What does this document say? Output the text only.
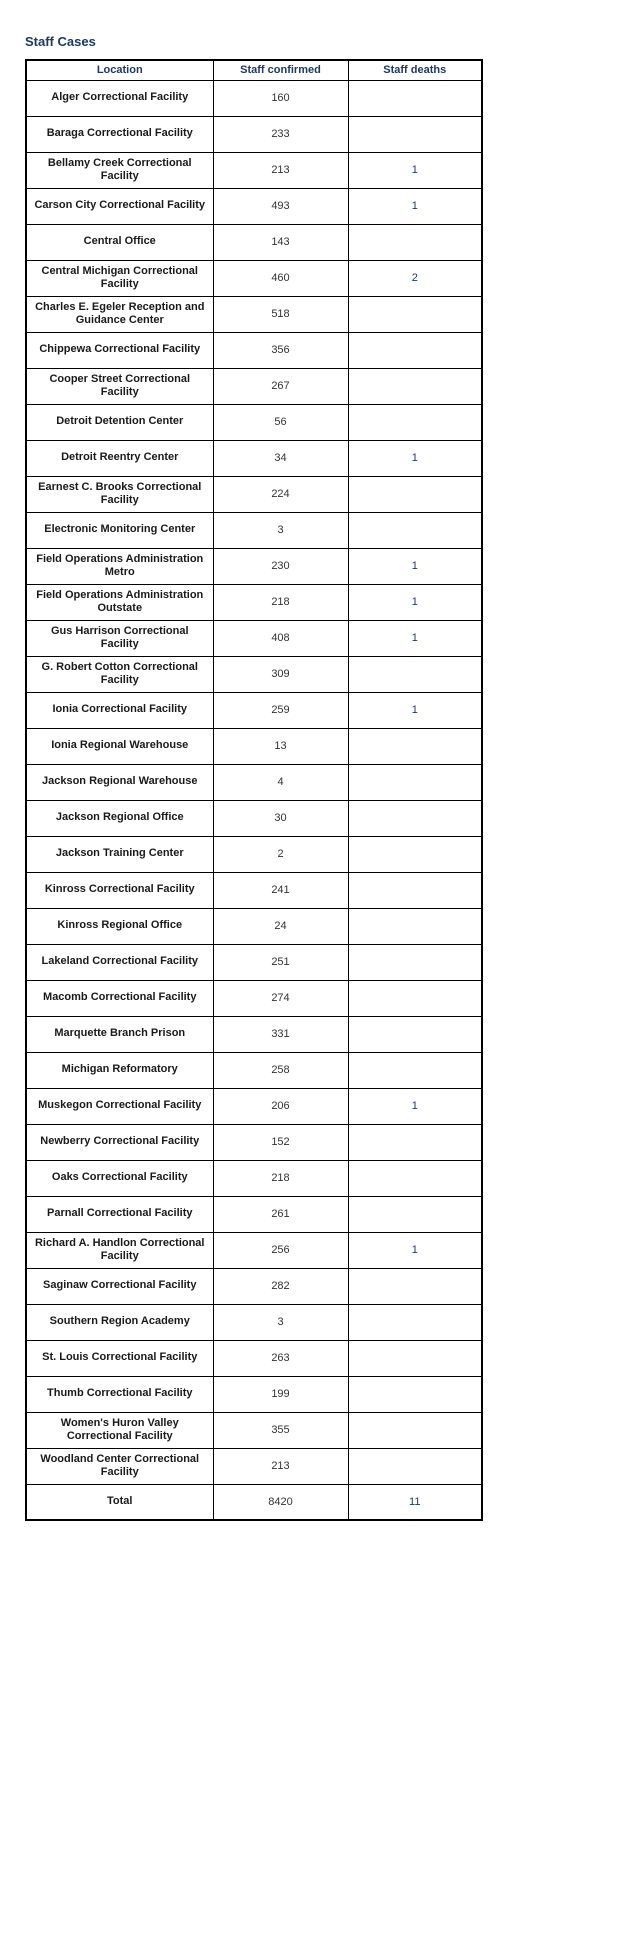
Staff Cases
Location	Staff confirmed	Staff deaths
Alger Correctional Facility	160	
Baraga Correctional Facility	233	
Bellamy Creek Correctional Facility	213	1
Carson City Correctional Facility	493	1
Central Office	143	
Central Michigan Correctional Facility	460	2
Charles E. Egeler Reception and Guidance Center	518	
Chippewa Correctional Facility	356	
Cooper Street Correctional Facility	267	
Detroit Detention Center	56	
Detroit Reentry Center	34	1
Earnest C. Brooks Correctional Facility	224	
Electronic Monitoring Center	3	
Field Operations Administration Metro	230	1
Field Operations Administration Outstate	218	1
Gus Harrison Correctional Facility	408	1
G. Robert Cotton Correctional Facility	309	
Ionia Correctional Facility	259	1
Ionia Regional Warehouse	13	
Jackson Regional Warehouse	4	
Jackson Regional Office	30	
Jackson Training Center	2	
Kinross Correctional Facility	241	
Kinross Regional Office	24	
Lakeland Correctional Facility	251	
Macomb Correctional Facility	274	
Marquette Branch Prison	331	
Michigan Reformatory	258	
Muskegon Correctional Facility	206	1
Newberry Correctional Facility	152	
Oaks Correctional Facility	218	
Parnall Correctional Facility	261	
Richard A. Handlon Correctional Facility	256	1
Saginaw Correctional Facility	282	
Southern Region Academy	3	
St. Louis Correctional Facility	263	
Thumb Correctional Facility	199	
Women's Huron Valley Correctional Facility	355	
Woodland Center Correctional Facility	213	
Total	8420	11
